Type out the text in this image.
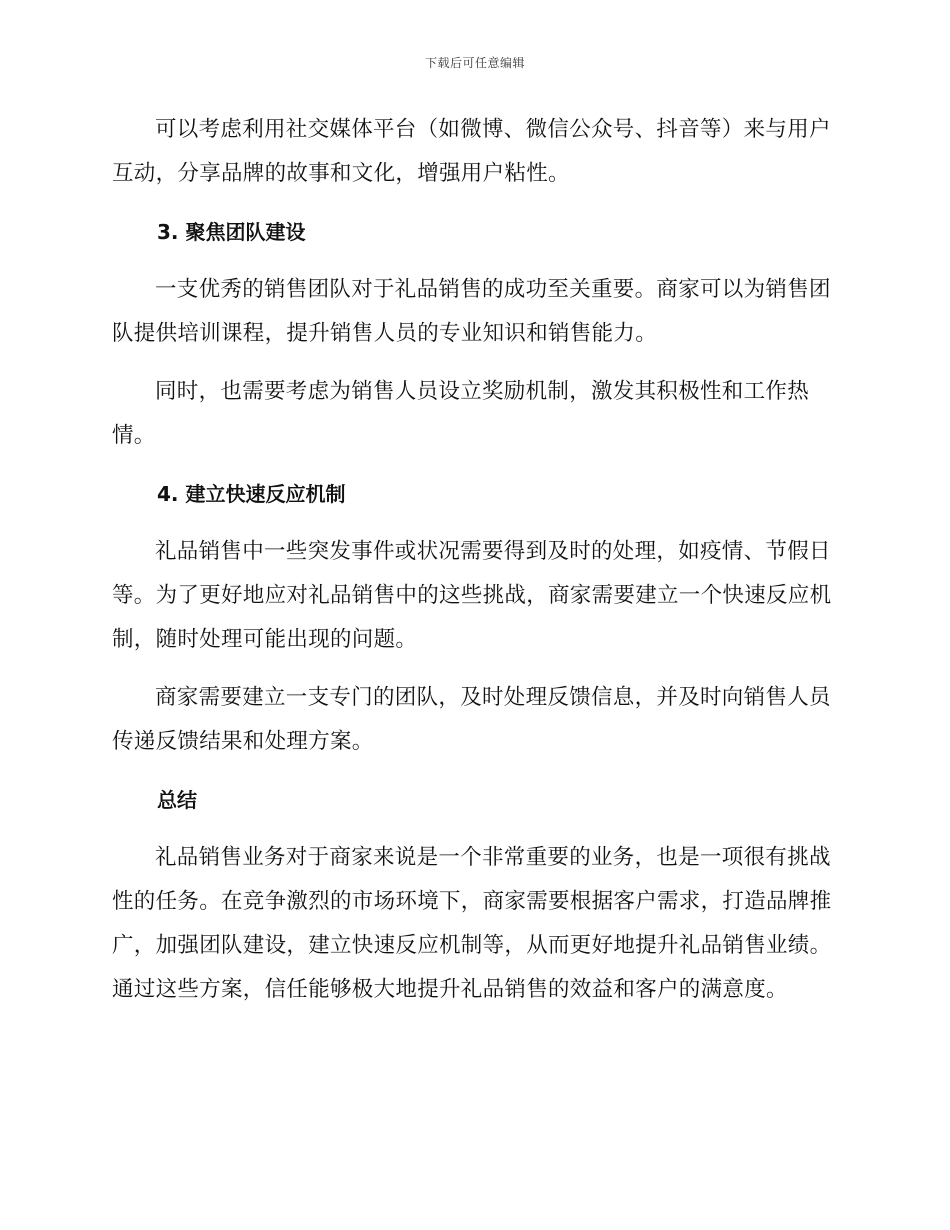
下载后可任意编辑

可以考虑利用社交媒体平台（如微博、微信公众号、抖音等）来与用户互动，分享品牌的故事和文化，增强用户粘性。

3. 聚焦团队建设

一支优秀的销售团队对于礼品销售的成功至关重要。商家可以为销售团队提供培训课程，提升销售人员的专业知识和销售能力。

同时，也需要考虑为销售人员设立奖励机制，激发其积极性和工作热情。

4. 建立快速反应机制

礼品销售中一些突发事件或状况需要得到及时的处理，如疫情、节假日等。为了更好地应对礼品销售中的这些挑战，商家需要建立一个快速反应机制，随时处理可能出现的问题。

商家需要建立一支专门的团队，及时处理反馈信息，并及时向销售人员传递反馈结果和处理方案。

总结

礼品销售业务对于商家来说是一个非常重要的业务，也是一项很有挑战性的任务。在竞争激烈的市场环境下，商家需要根据客户需求，打造品牌推广，加强团队建设，建立快速反应机制等，从而更好地提升礼品销售业绩。通过这些方案，信任能够极大地提升礼品销售的效益和客户的满意度。
